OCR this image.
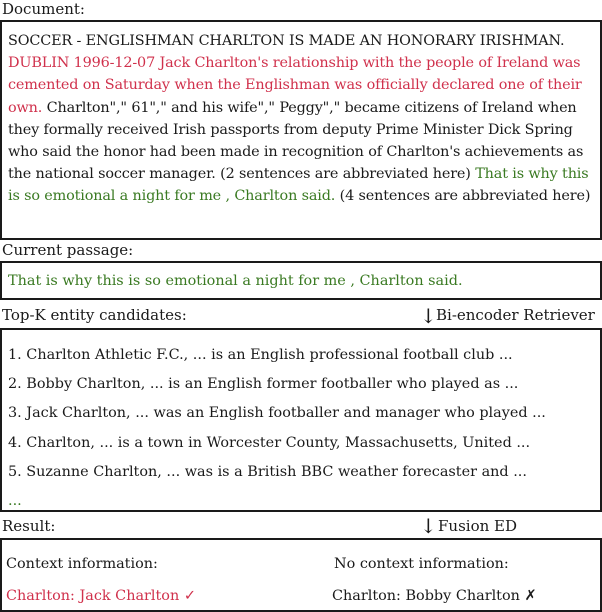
Document:
SOCCER - ENGLISHMAN CHARLTON IS MADE AN HONORARY IRISHMAN. DUBLIN 1996-12-07 Jack Charlton's relationship with the people of Ireland was cemented on Saturday when the Englishman was officially declared one of their own. Charlton"," 61"," and his wife"," Peggy"," became citizens of Ireland when they formally received Irish passports from deputy Prime Minister Dick Spring who said the honor had been made in recognition of Charlton's achievements as the national soccer manager. (2 sentences are abbreviated here) That is why this is so emotional a night for me , Charlton said. (4 sentences are abbreviated here)
Current passage:
That is why this is so emotional a night for me , Charlton said.
Top-K entity candidates:	↓ Bi-encoder Retriever
1. Charlton Athletic F.C., ... is an English professional football club ...
2. Bobby Charlton, ... is an English former footballer who played as ...
3. Jack Charlton, ... was an English footballer and manager who played ...
4. Charlton, ... is a town in Worcester County, Massachusetts, United ...
5. Suzanne Charlton, ... was is a British BBC weather forecaster and ...
...
Result:	↓ Fusion ED
Context information:
Charlton: Jack Charlton ✓
No context information:
Charlton: Bobby Charlton ✗
